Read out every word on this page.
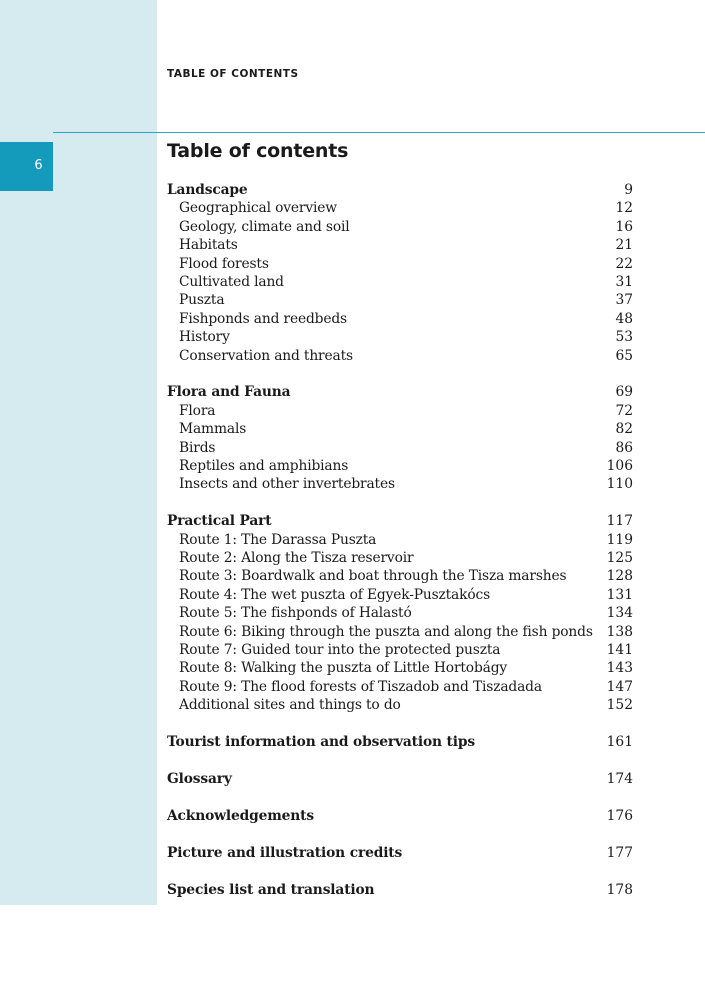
6
TABLE OF CONTENTS
Table of contents
Landscape	9
Geographical overview	12
Geology, climate and soil	16
Habitats	21
Flood forests	22
Cultivated land	31
Puszta	37
Fishponds and reedbeds	48
History	53
Conservation and threats	65
Flora and Fauna	69
Flora	72
Mammals	82
Birds	86
Reptiles and amphibians	106
Insects and other invertebrates	110
Practical Part	117
Route 1: The Darassa Puszta	119
Route 2: Along the Tisza reservoir	125
Route 3: Boardwalk and boat through the Tisza marshes	128
Route 4: The wet puszta of Egyek-Pusztakócs	131
Route 5: The fishponds of Halastó	134
Route 6: Biking through the puszta and along the fish ponds 138
Route 7: Guided tour into the protected puszta	141
Route 8: Walking the puszta of Little Hortobágy	143
Route 9: The flood forests of Tiszadob and Tiszadada	147
Additional sites and things to do	152
Tourist information and observation tips	161
Glossary	174
Acknowledgements	176
Picture and illustration credits	177
Species list and translation	178
